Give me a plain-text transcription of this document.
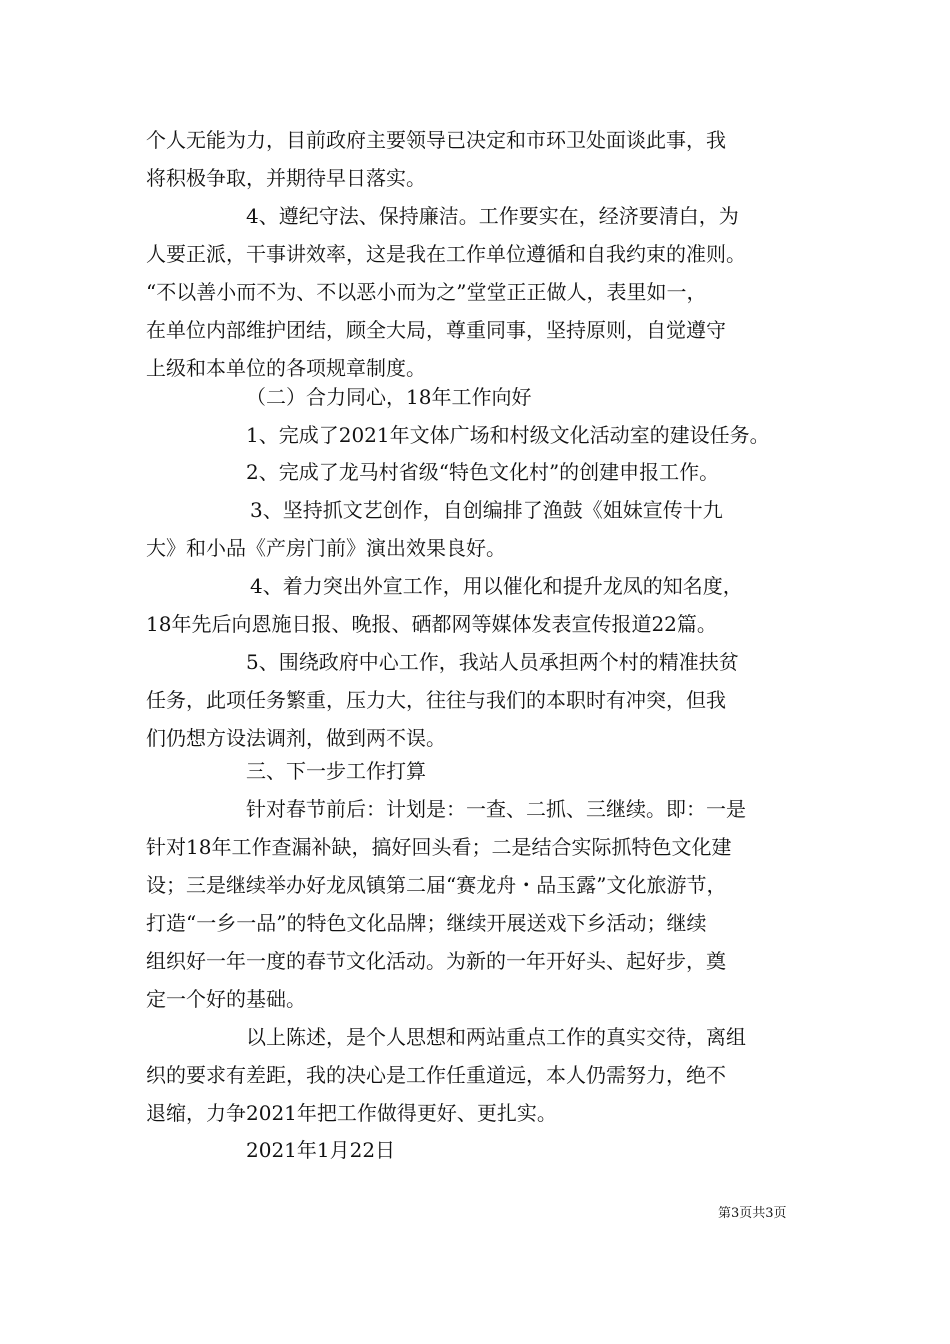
个人无能为力，目前政府主要领导已决定和市环卫处面谈此事，我
将积极争取，并期待早日落实。
4、遵纪守法、保持廉洁。工作要实在，经济要清白，为
人要正派，干事讲效率，这是我在工作单位遵循和自我约束的准则。
“不以善小而不为、不以恶小而为之”堂堂正正做人，表里如一，
在单位内部维护团结，顾全大局，尊重同事，坚持原则，自觉遵守
上级和本单位的各项规章制度。
（二）合力同心，18年工作向好
1、完成了2021年文体广场和村级文化活动室的建设任务。
2、完成了龙马村省级“特色文化村”的创建申报工作。
3、坚持抓文艺创作，自创编排了渔鼓《姐妹宣传十九
大》和小品《产房门前》演出效果良好。
4、着力突出外宣工作，用以催化和提升龙凤的知名度，
18年先后向恩施日报、晚报、硒都网等媒体发表宣传报道22篇。
5、围绕政府中心工作，我站人员承担两个村的精准扶贫
任务，此项任务繁重，压力大，往往与我们的本职时有冲突，但我
们仍想方设法调剂，做到两不误。
三、下一步工作打算
针对春节前后：计划是：一查、二抓、三继续。即：一是
针对18年工作查漏补缺，搞好回头看；二是结合实际抓特色文化建
设；三是继续举办好龙凤镇第二届“赛龙舟・品玉露”文化旅游节，
打造“一乡一品”的特色文化品牌；继续开展送戏下乡活动；继续
组织好一年一度的春节文化活动。为新的一年开好头、起好步，奠
定一个好的基础。
以上陈述，是个人思想和两站重点工作的真实交待，离组
织的要求有差距，我的决心是工作任重道远，本人仍需努力，绝不
退缩，力争2021年把工作做得更好、更扎实。
2021年1月22日
第3页共3页
